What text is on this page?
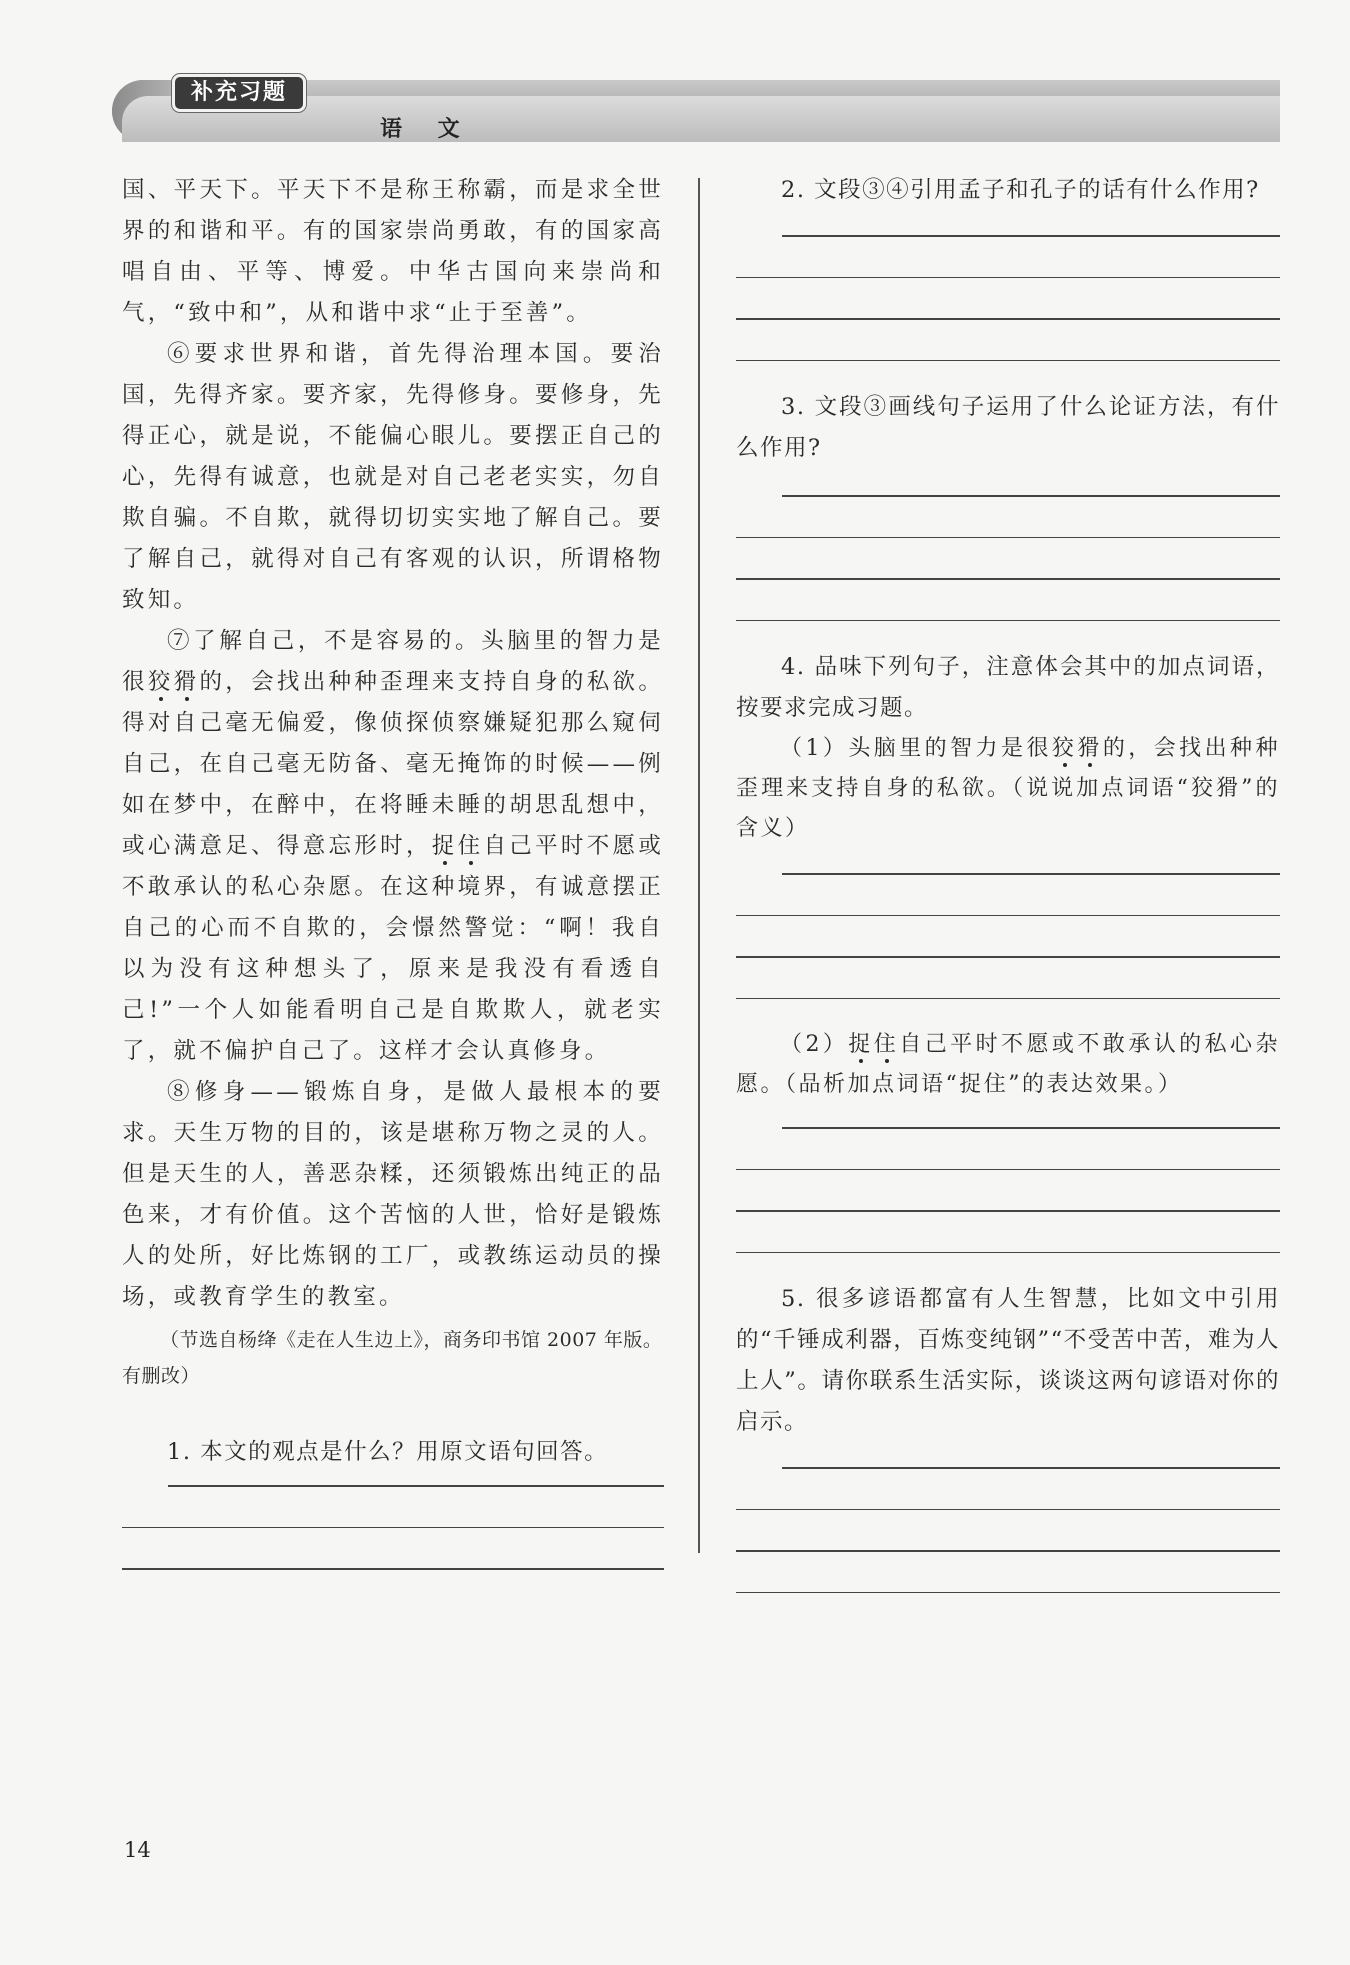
补充习题
语 文

国、平天下。平天下不是称王称霸，而是求全世界的和谐和平。有的国家崇尚勇敢，有的国家高唱自由、平等、博爱。中华古国向来崇尚和气，“致中和”，从和谐中求“止于至善”。

⑥要求世界和谐，首先得治理本国。要治国，先得齐家。要齐家，先得修身。要修身，先得正心，就是说，不能偏心眼儿。要摆正自己的心，先得有诚意，也就是对自己老老实实，勿自欺自骗。不自欺，就得切切实实地了解自己。要了解自己，就得对自己有客观的认识，所谓格物致知。

⑦了解自己，不是容易的。头脑里的智力是很狡猾的，会找出种种歪理来支持自身的私欲。得对自己毫无偏爱，像侦探侦察嫌疑犯那么窥伺自己，在自己毫无防备、毫无掩饰的时候——例如在梦中，在醉中，在将睡未睡的胡思乱想中，或心满意足、得意忘形时，捉住自己平时不愿或不敢承认的私心杂愿。在这种境界，有诚意摆正自己的心而不自欺的，会憬然警觉：“啊！我自以为没有这种想头了，原来是我没有看透自己!”一个人如能看明自己是自欺欺人，就老实了，就不偏护自己了。这样才会认真修身。

⑧修身——锻炼自身，是做人最根本的要求。天生万物的目的，该是堪称万物之灵的人。但是天生的人，善恶杂糅，还须锻炼出纯正的品色来，才有价值。这个苦恼的人世，恰好是锻炼人的处所，好比炼钢的工厂，或教练运动员的操场，或教育学生的教室。

（节选自杨绛《走在人生边上》，商务印书馆 2007 年版。有删改）

1. 本文的观点是什么？用原文语句回答。

2. 文段③④引用孟子和孔子的话有什么作用?

3. 文段③画线句子运用了什么论证方法，有什么作用?

4. 品味下列句子，注意体会其中的加点词语，按要求完成习题。

（1）头脑里的智力是很狡猾的，会找出种种歪理来支持自身的私欲。（说说加点词语“狡猾”的含义）

（2）捉住自己平时不愿或不敢承认的私心杂愿。（品析加点词语“捉住”的表达效果。）

5. 很多谚语都富有人生智慧，比如文中引用的“千锤成利器，百炼变纯钢”“不受苦中苦，难为人上人”。请你联系生活实际，谈谈这两句谚语对你的启示。

14
